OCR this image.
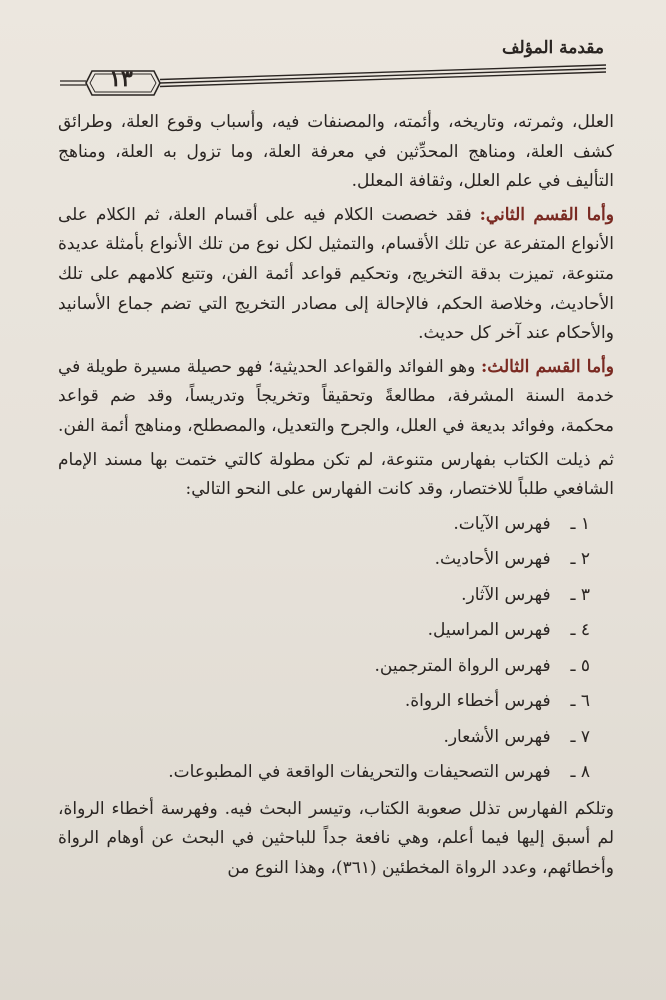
مقدمة المؤلف
١٣

العلل، وثمرته، وتاريخه، وأئمته، والمصنفات فيه، وأسباب وقوع العلة، وطرائق كشف العلة، ومناهج المحدِّثين في معرفة العلة، وما تزول به العلة، ومناهج التأليف في علم العلل، وثقافة المعلل.

وأما القسم الثاني: فقد خصصت الكلام فيه على أقسام العلة، ثم الكلام على الأنواع المتفرعة عن تلك الأقسام، والتمثيل لكل نوع من تلك الأنواع بأمثلة عديدة متنوعة، تميزت بدقة التخريج، وتحكيم قواعد أئمة الفن، وتتبع كلامهم على تلك الأحاديث، وخلاصة الحكم، فالإحالة إلى مصادر التخريج التي تضم جماع الأسانيد والأحكام عند آخر كل حديث.

وأما القسم الثالث: وهو الفوائد والقواعد الحديثية؛ فهو حصيلة مسيرة طويلة في خدمة السنة المشرفة، مطالعةً وتحقيقاً وتخريجاً وتدريساً، وقد ضم قواعد محكمة، وفوائد بديعة في العلل، والجرح والتعديل، والمصطلح، ومناهج أئمة الفن.

ثم ذيلت الكتاب بفهارس متنوعة، لم تكن مطولة كالتي ختمت بها مسند الإمام الشافعي طلباً للاختصار، وقد كانت الفهارس على النحو التالي:

١ ـ فهرس الآيات.
٢ ـ فهرس الأحاديث.
٣ ـ فهرس الآثار.
٤ ـ فهرس المراسيل.
٥ ـ فهرس الرواة المترجمين.
٦ ـ فهرس أخطاء الرواة.
٧ ـ فهرس الأشعار.
٨ ـ فهرس التصحيفات والتحريفات الواقعة في المطبوعات.

وتلكم الفهارس تذلل صعوبة الكتاب، وتيسر البحث فيه. وفهرسة أخطاء الرواة، لم أسبق إليها فيما أعلم، وهي نافعة جداً للباحثين في البحث عن أوهام الرواة وأخطائهم، وعدد الرواة المخطئين (٣٦١)، وهذا النوع من
